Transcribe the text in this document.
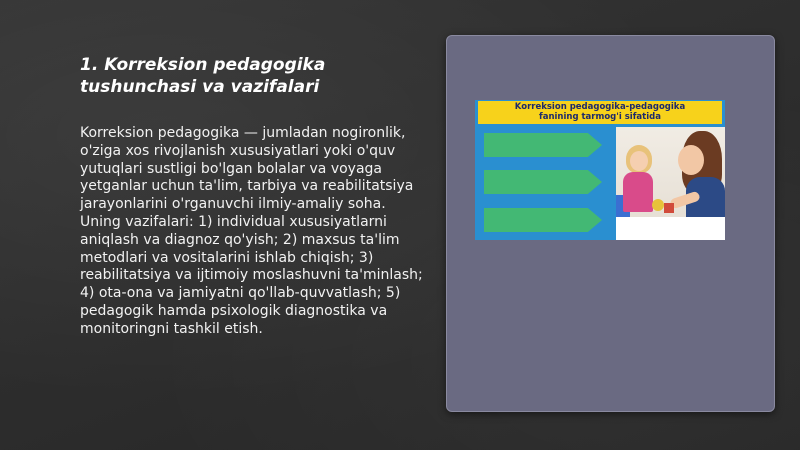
1. Korreksion pedagogika tushunchasi va vazifalari

Korreksion pedagogika — jumladan nogironlik, o'ziga xos rivojlanish xususiyatlari yoki o'quv yutuqlari sustligi bo'lgan bolalar va voyaga yetganlar uchun ta'lim, tarbiya va reabilitatsiya jarayonlarini o'rganuvchi ilmiy-amaliy soha. Uning vazifalari: 1) individual xususiyatlarni aniqlash va diagnoz qo'yish; 2) maxsus ta'lim metodlari va vositalarini ishlab chiqish; 3) reabilitatsiya va ijtimoiy moslashuvni ta'minlash; 4) ota-ona va jamiyatni qo'llab-quvvatlash; 5) pedagogik hamda psixologik diagnostika va monitoringni tashkil etish.

Korreksion pedagogika-pedagogika
fanining tarmog'i sifatida
